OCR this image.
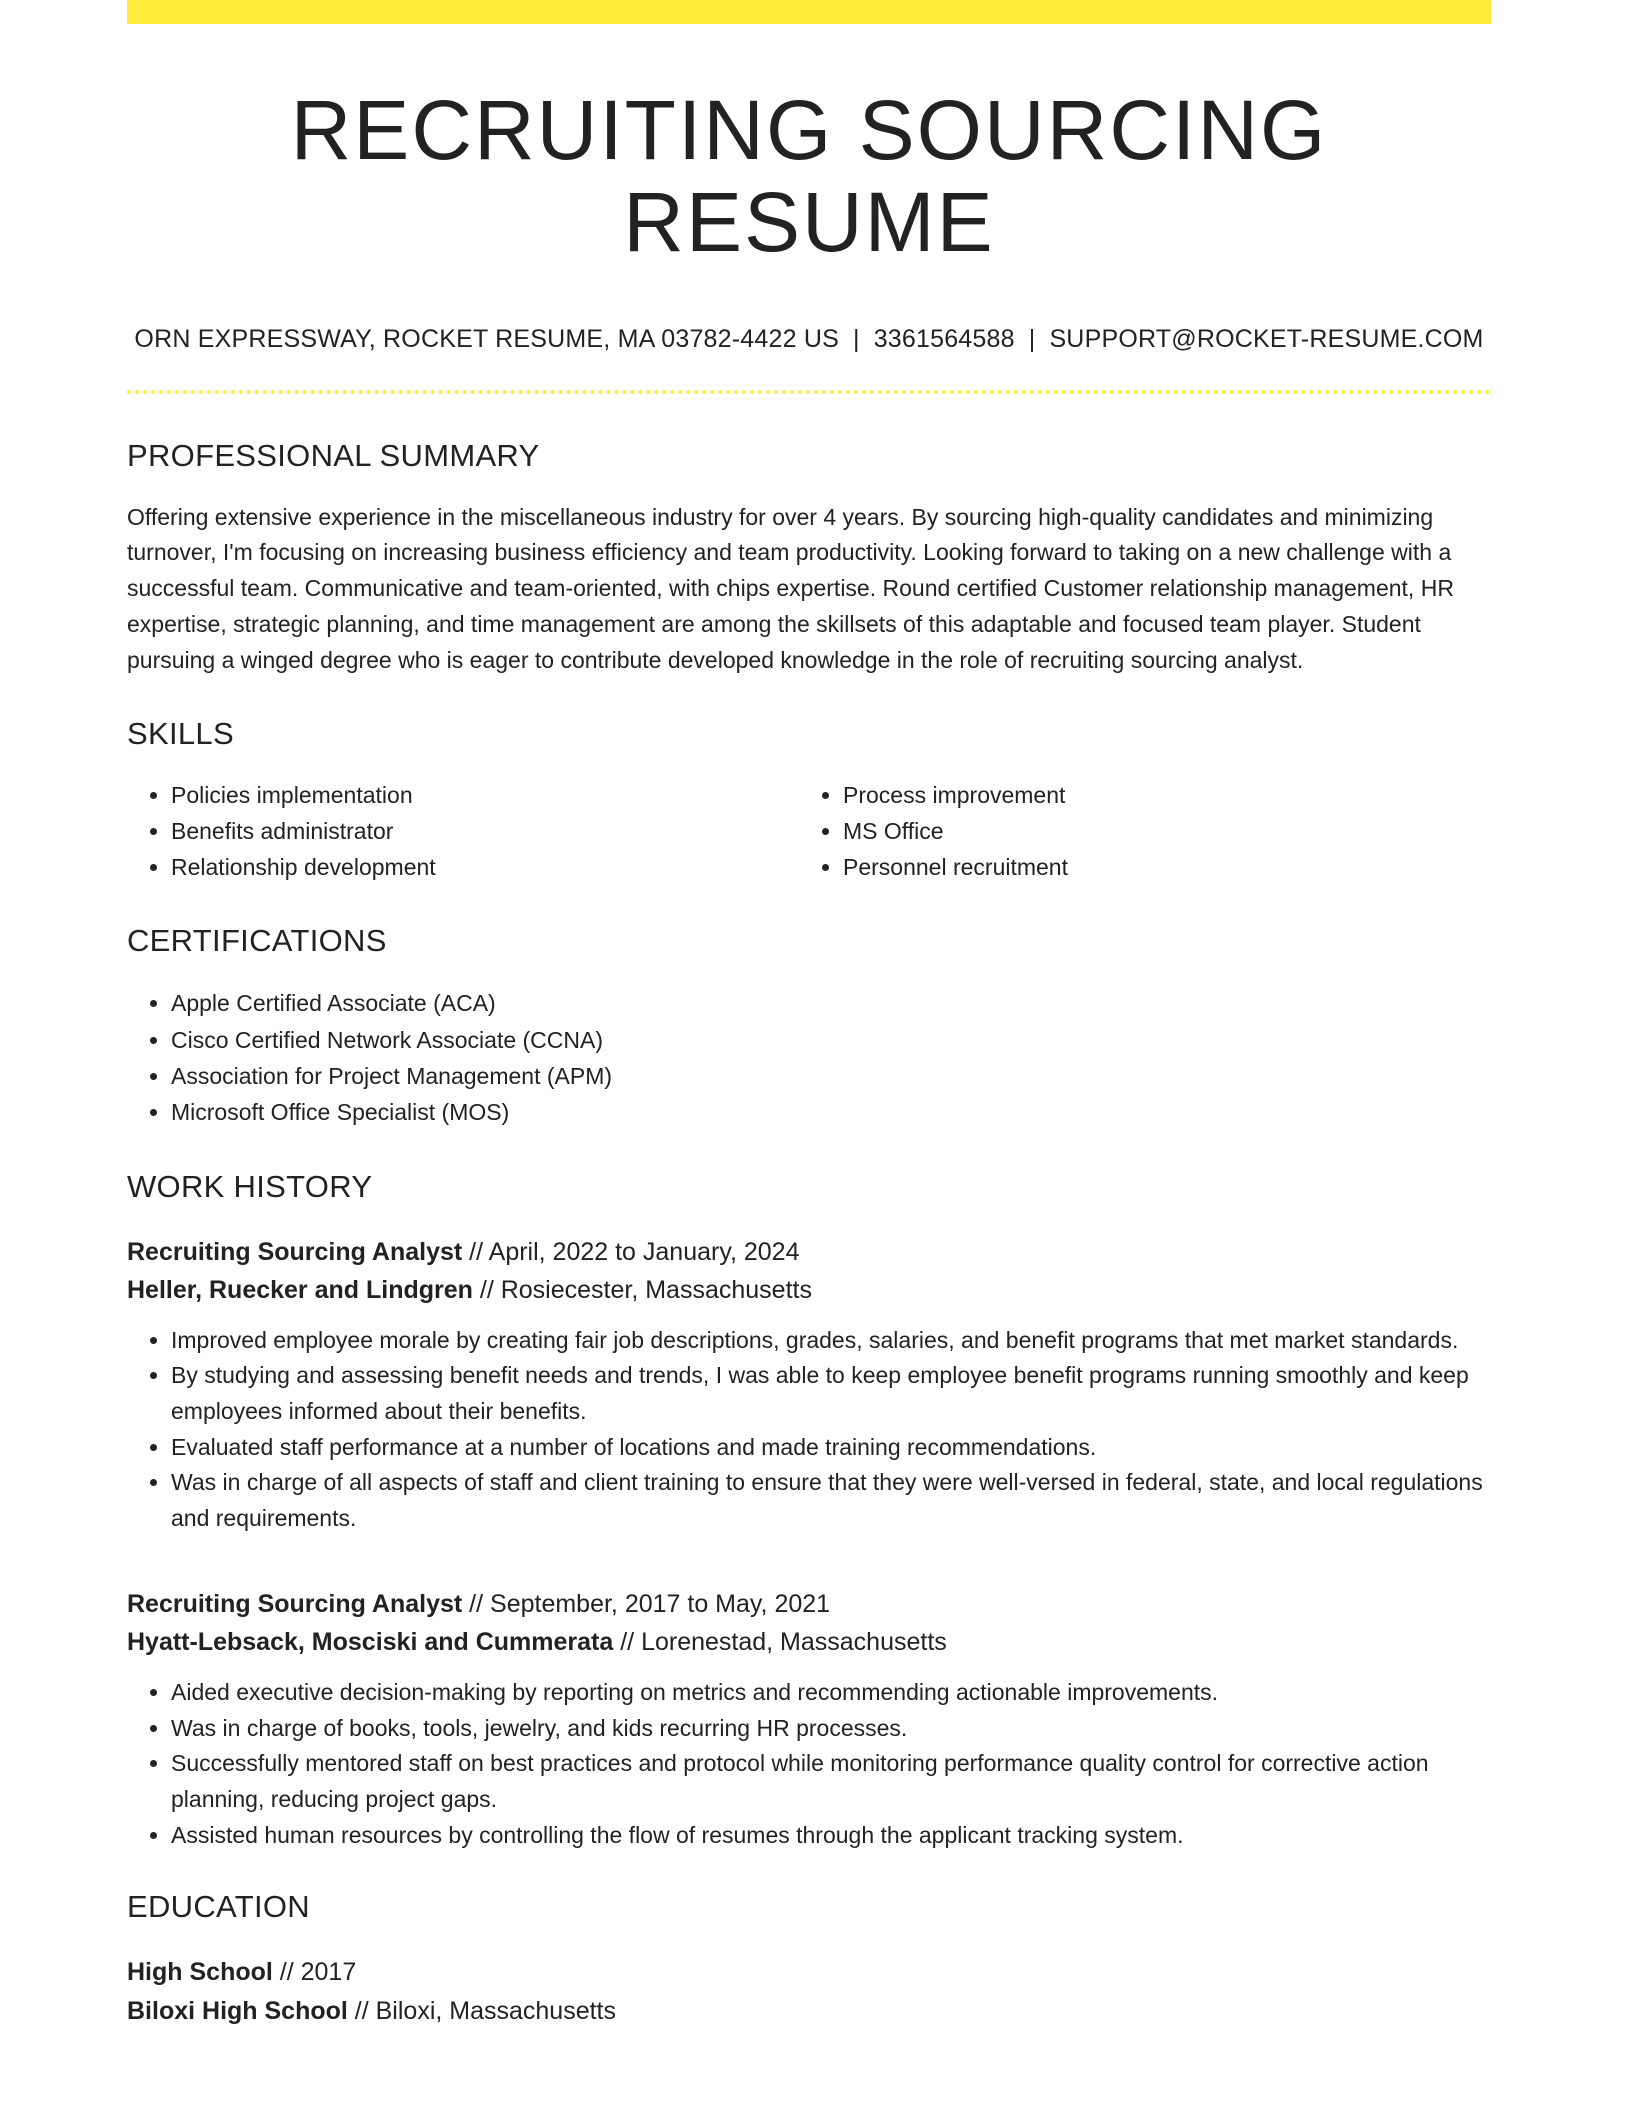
RECRUITING SOURCING RESUME
ORN EXPRESSWAY, ROCKET RESUME, MA 03782-4422 US | 3361564588 | SUPPORT@ROCKET-RESUME.COM
PROFESSIONAL SUMMARY

Offering extensive experience in the miscellaneous industry for over 4 years. By sourcing high-quality candidates and minimizing turnover, I'm focusing on increasing business efficiency and team productivity. Looking forward to taking on a new challenge with a successful team. Communicative and team-oriented, with chips expertise. Round certified Customer relationship management, HR expertise, strategic planning, and time management are among the skillsets of this adaptable and focused team player. Student pursuing a winged degree who is eager to contribute developed knowledge in the role of recruiting sourcing analyst.

SKILLS
• Policies implementation
• Benefits administrator
• Relationship development
• Process improvement
• MS Office
• Personnel recruitment
CERTIFICATIONS
• Apple Certified Associate (ACA)
• Cisco Certified Network Associate (CCNA)
• Association for Project Management (APM)
• Microsoft Office Specialist (MOS)
WORK HISTORY
Recruiting Sourcing Analyst // April, 2022 to January, 2024
Heller, Ruecker and Lindgren // Rosiecester, Massachusetts
• Improved employee morale by creating fair job descriptions, grades, salaries, and benefit programs that met market standards.
• By studying and assessing benefit needs and trends, I was able to keep employee benefit programs running smoothly and keep employees informed about their benefits.
• Evaluated staff performance at a number of locations and made training recommendations.
• Was in charge of all aspects of staff and client training to ensure that they were well-versed in federal, state, and local regulations and requirements.
Recruiting Sourcing Analyst // September, 2017 to May, 2021
Hyatt-Lebsack, Mosciski and Cummerata // Lorenestad, Massachusetts
• Aided executive decision-making by reporting on metrics and recommending actionable improvements.
• Was in charge of books, tools, jewelry, and kids recurring HR processes.
• Successfully mentored staff on best practices and protocol while monitoring performance quality control for corrective action planning, reducing project gaps.
• Assisted human resources by controlling the flow of resumes through the applicant tracking system.
EDUCATION
High School // 2017
Biloxi High School // Biloxi, Massachusetts
